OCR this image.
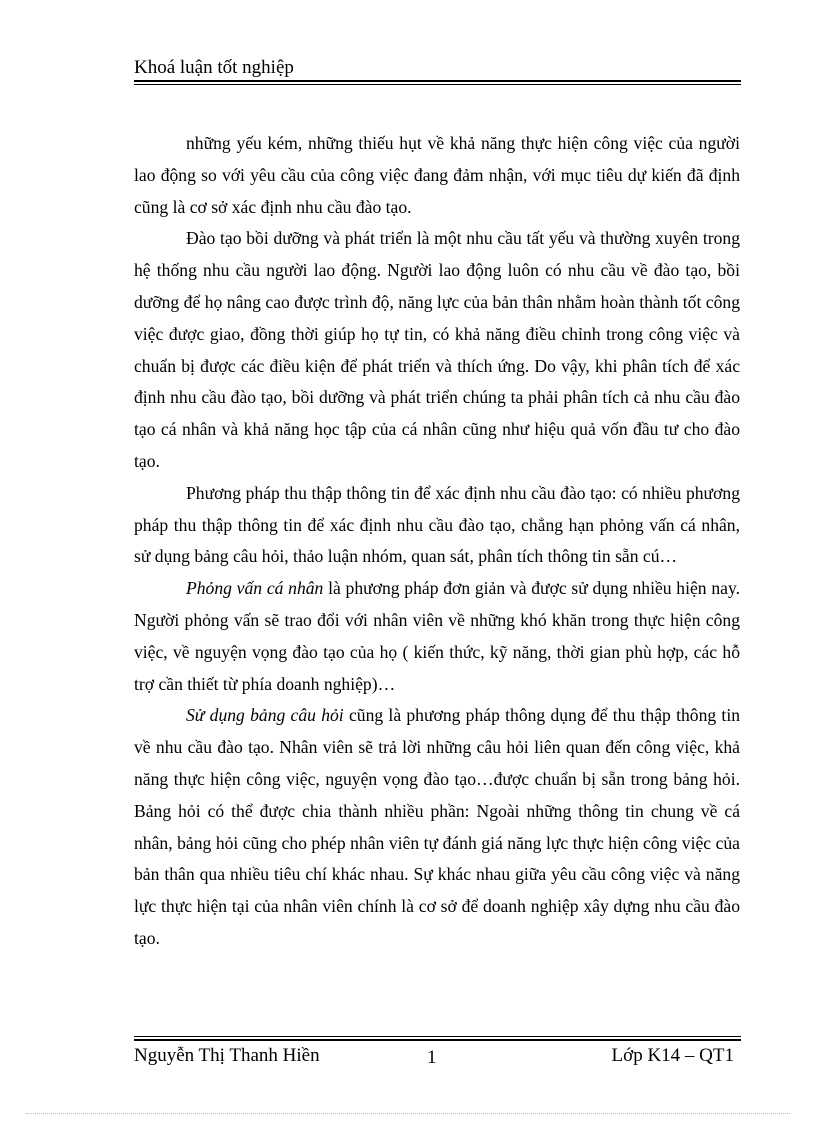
Khoá luận tốt nghiệp

những yếu kém, những thiếu hụt về khả năng thực hiện công việc của người lao động so với yêu cầu của công việc đang đảm nhận, với mục tiêu dự kiến đã định cũng là cơ sở xác định nhu cầu đào tạo.

Đào tạo bồi dưỡng và phát triển là một nhu cầu tất yếu và thường xuyên trong hệ thống nhu cầu người lao động. Người lao động luôn có nhu cầu về đào tạo, bồi dưỡng để họ nâng cao được trình độ, năng lực của bản thân nhằm hoàn thành tốt công việc được giao, đồng thời giúp họ tự tin, có khả năng điều chỉnh trong công việc và chuẩn bị được các điều kiện để phát triển và thích ứng. Do vậy, khi phân tích để xác định nhu cầu đào tạo, bồi dưỡng và phát triển chúng ta phải phân tích cả nhu cầu đào tạo cá nhân và khả năng học tập của cá nhân cũng như hiệu quả vốn đầu tư cho đào tạo.

Phương pháp thu thập thông tin để xác định nhu cầu đào tạo: có nhiều phương pháp thu thập thông tin để xác định nhu cầu đào tạo, chẳng hạn phỏng vấn cá nhân, sử dụng bảng câu hỏi, thảo luận nhóm, quan sát, phân tích thông tin sẵn cú…

Phỏng vấn cá nhân là phương pháp đơn giản và được sử dụng nhiều hiện nay. Người phỏng vấn sẽ trao đổi với nhân viên về những khó khăn trong thực hiện công việc, về nguyện vọng đào tạo của họ ( kiến thức, kỹ năng, thời gian phù hợp, các hỗ trợ cần thiết từ phía doanh nghiệp)…

Sử dụng bảng câu hỏi cũng là phương pháp thông dụng để thu thập thông tin về nhu cầu đào tạo. Nhân viên sẽ trả lời những câu hỏi liên quan đến công việc, khả năng thực hiện công việc, nguyện vọng đào tạo…được chuẩn bị sẵn trong bảng hỏi. Bảng hỏi có thể được chia thành nhiều phần: Ngoài những thông tin chung về cá nhân, bảng hỏi cũng cho phép nhân viên tự đánh giá năng lực thực hiện công việc của bản thân qua nhiều tiêu chí khác nhau. Sự khác nhau giữa yêu cầu công việc và năng lực thực hiện tại của nhân viên chính là cơ sở để doanh nghiệp xây dựng nhu cầu đào tạo.

Nguyễn Thị Thanh Hiền	1	Lớp K14 – QT1
